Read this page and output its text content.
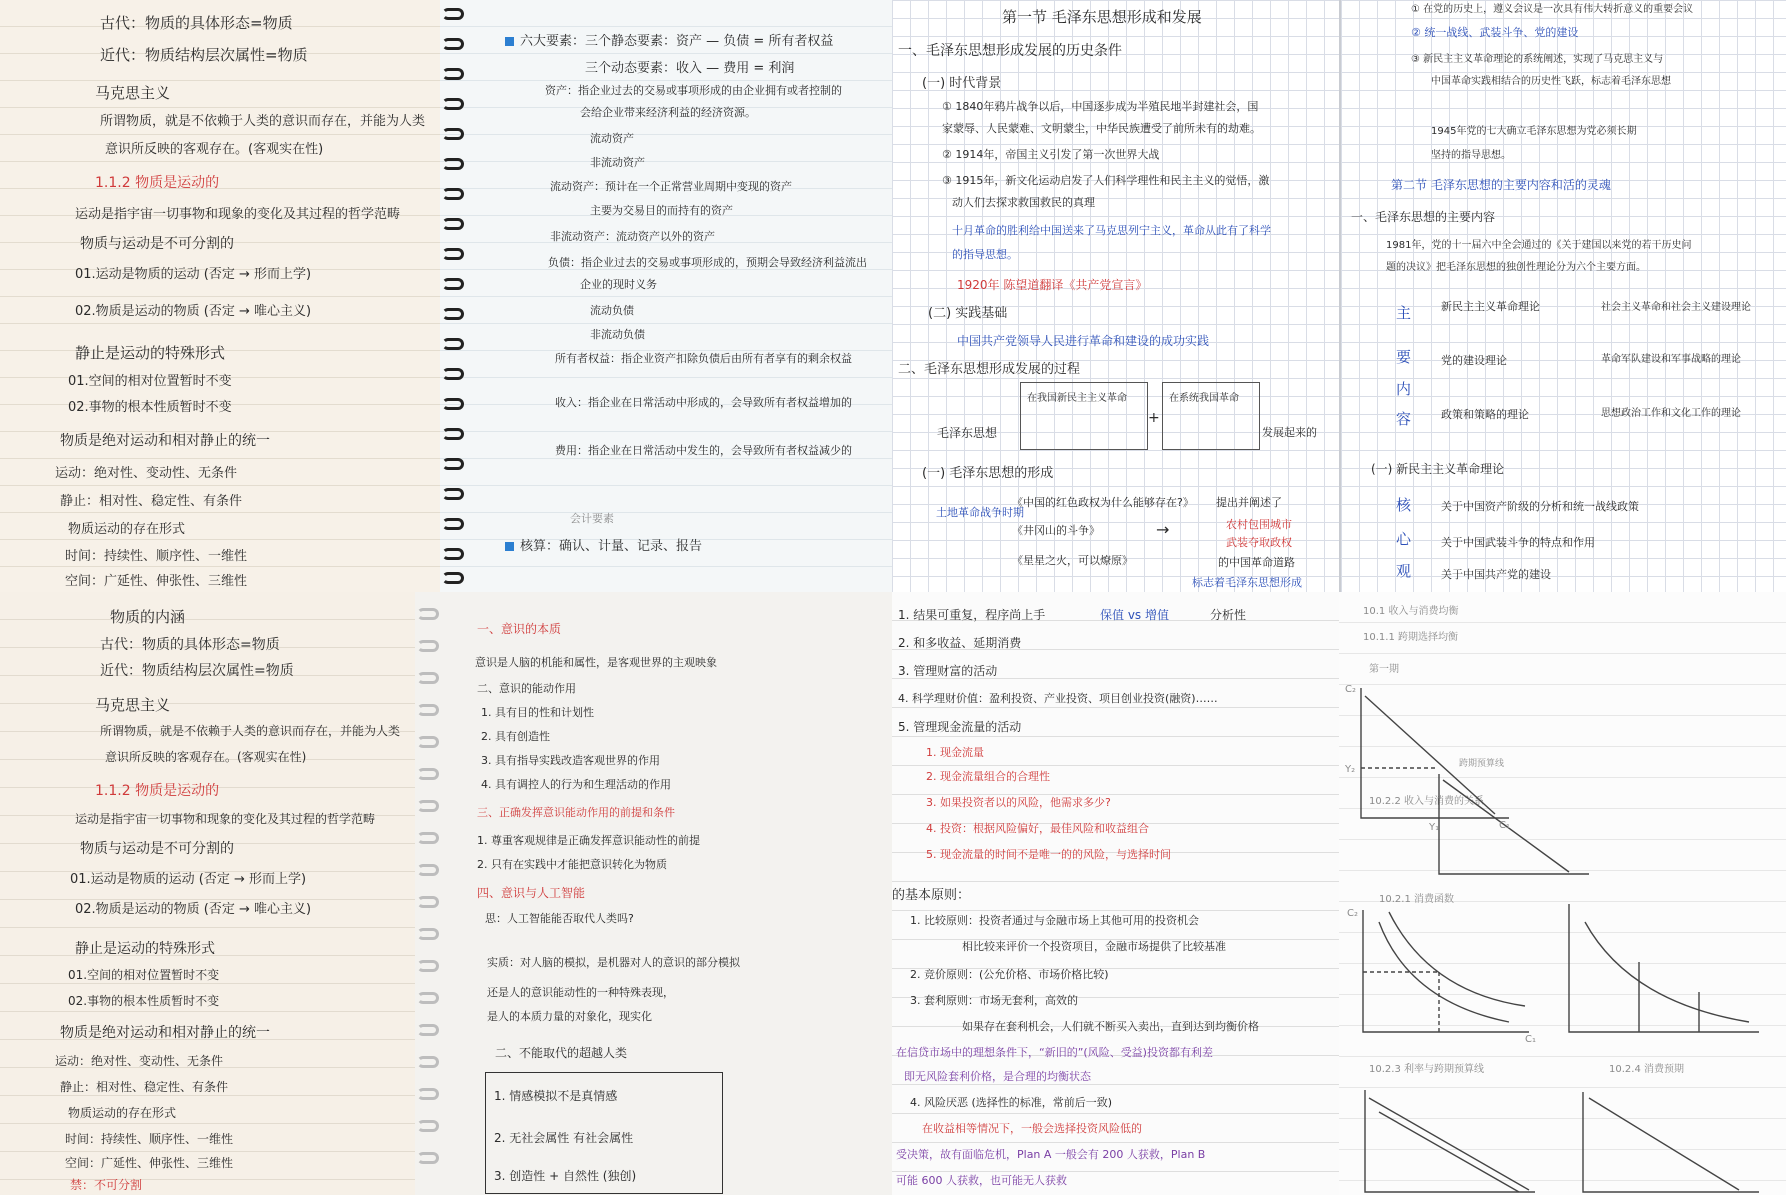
古代：物质的具体形态=物质
近代：物质结构层次属性=物质
马克思主义
所谓物质，就是不依赖于人类的意识而存在，并能为人类
意识所反映的客观存在。(客观实在性)
1.1.2 物质是运动的
运动是指宇宙一切事物和现象的变化及其过程的哲学范畴
物质与运动是不可分割的
01.运动是物质的运动 (否定 → 形而上学)
02.物质是运动的物质 (否定 → 唯心主义)
静止是运动的特殊形式
01.空间的相对位置暂时不变
02.事物的根本性质暂时不变
物质是绝对运动和相对静止的统一
运动：绝对性、变动性、无条件
静止：相对性、稳定性、有条件
物质运动的存在形式
时间：持续性、顺序性、一维性
空间：广延性、伸张性、三维性
六大要素：三个静态要素：资产 — 负债 = 所有者权益
三个动态要素：收入 — 费用 = 利润
资产：指企业过去的交易或事项形成的由企业拥有或者控制的
会给企业带来经济利益的经济资源。
流动资产
非流动资产
流动资产：预计在一个正常营业周期中变现的资产
主要为交易目的而持有的资产
非流动资产：流动资产以外的资产
负债：指企业过去的交易或事项形成的，预期会导致经济利益流出
企业的现时义务
流动负债
非流动负债
所有者权益：指企业资产扣除负债后由所有者享有的剩余权益
收入：指企业在日常活动中形成的，会导致所有者权益增加的
费用：指企业在日常活动中发生的，会导致所有者权益减少的
会计要素
核算：确认、计量、记录、报告
第一节 毛泽东思想形成和发展
一、毛泽东思想形成发展的历史条件
(一) 时代背景
① 1840年鸦片战争以后，中国逐步成为半殖民地半封建社会，国
家蒙辱、人民蒙难、文明蒙尘，中华民族遭受了前所未有的劫难。
② 1914年，帝国主义引发了第一次世界大战
③ 1915年，新文化运动启发了人们科学理性和民主主义的觉悟，激
动人们去探求救国救民的真理
十月革命的胜利给中国送来了马克思列宁主义，革命从此有了科学
的指导思想。
1920年 陈望道翻译《共产党宣言》
(二) 实践基础
中国共产党领导人民进行革命和建设的成功实践
二、毛泽东思想形成发展的过程
毛泽东思想
在我国新民主主义革命
+
在系统我国革命
发展起来的
(一) 毛泽东思想的形成
土地革命战争时期
《中国的红色政权为什么能够存在?》
《井冈山的斗争》
《星星之火，可以燎原》
→
提出并阐述了
农村包围城市
武装夺取政权
的中国革命道路
标志着毛泽东思想形成
① 在党的历史上，遵义会议是一次具有伟大转折意义的重要会议
② 统一战线、武装斗争、党的建设
③ 新民主主义革命理论的系统阐述，实现了马克思主义与
中国革命实践相结合的历史性飞跃，标志着毛泽东思想
1945年党的七大确立毛泽东思想为党必须长期
坚持的指导思想。
第二节 毛泽东思想的主要内容和活的灵魂
一、毛泽东思想的主要内容
1981年，党的十一届六中全会通过的《关于建国以来党的若干历史问
题的决议》把毛泽东思想的独创性理论分为六个主要方面。
主
要
内
容
新民主主义革命理论	社会主义革命和社会主义建设理论
党的建设理论	革命军队建设和军事战略的理论
政策和策略的理论	思想政治工作和文化工作的理论
(一) 新民主主义革命理论
核
心
观
关于中国资产阶级的分析和统一战线政策
关于中国武装斗争的特点和作用
关于中国共产党的建设
物质的内涵
古代：物质的具体形态=物质
近代：物质结构层次属性=物质
马克思主义
所谓物质，就是不依赖于人类的意识而存在，并能为人类
意识所反映的客观存在。(客观实在性)
1.1.2 物质是运动的
运动是指宇宙一切事物和现象的变化及其过程的哲学范畴
物质与运动是不可分割的
01.运动是物质的运动 (否定 → 形而上学)
02.物质是运动的物质 (否定 → 唯心主义)
静止是运动的特殊形式
01.空间的相对位置暂时不变
02.事物的根本性质暂时不变
物质是绝对运动和相对静止的统一
运动：绝对性、变动性、无条件
静止：相对性、稳定性、有条件
物质运动的存在形式
时间：持续性、顺序性、一维性
空间：广延性、伸张性、三维性
禁：不可分割
一、意识的本质
意识是人脑的机能和属性，是客观世界的主观映象
二、意识的能动作用
1. 具有目的性和计划性
2. 具有创造性
3. 具有指导实践改造客观世界的作用
4. 具有调控人的行为和生理活动的作用
三、正确发挥意识能动作用的前提和条件
1. 尊重客观规律是正确发挥意识能动性的前提
2. 只有在实践中才能把意识转化为物质
四、意识与人工智能
思：人工智能能否取代人类吗?
实质：对人脑的模拟，是机器对人的意识的部分模拟
还是人的意识能动性的一种特殊表现，
是人的本质力量的对象化，现实化
二、不能取代的超越人类
1. 情感模拟不是真情感
2. 无社会属性 有社会属性
3. 创造性 + 自然性 (独创)
1. 结果可重复，程序尚上手	保值 vs 增值	分析性
2. 和多收益、延期消费
3. 管理财富的活动
4. 科学理财价值：盈利投资、产业投资、项目创业投资(融资)……
5. 管理现金流量的活动
1. 现金流量
2. 现金流量组合的合理性
3. 如果投资者以的风险，他需求多少?
4. 投资：根据风险偏好，最佳风险和收益组合
5. 现金流量的时间不是唯一的的风险，与选择时间
的基本原则：
1. 比较原则：投资者通过与金融市场上其他可用的投资机会
相比较来评价一个投资项目，金融市场提供了比较基准
2. 竞价原则：(公允价格、市场价格比较)
3. 套利原则：市场无套利，高效的
如果存在套利机会，人们就不断买入卖出，直到达到均衡价格
在信贷市场中的理想条件下，“新旧的”(风险、受益)投资都有利差
即无风险套利价格，是合理的均衡状态
4. 风险厌恶 (选择性的标准，常前后一致)
在收益相等情况下，一般会选择投资风险低的
受决策，故有面临危机，Plan A 一般会有 200 人获救，Plan B
可能 600 人获救，也可能无人获救
10.1 收入与消费均衡
10.1.1 跨期选择均衡
第一期
10.2.2 收入与消费的关系
跨期预算线
10.2.1 消费函数
10.2.3 利率与跨期预算线	10.2.4 消费预期
C₂
C₁
Y₁
Y₂
C₂
C₁
